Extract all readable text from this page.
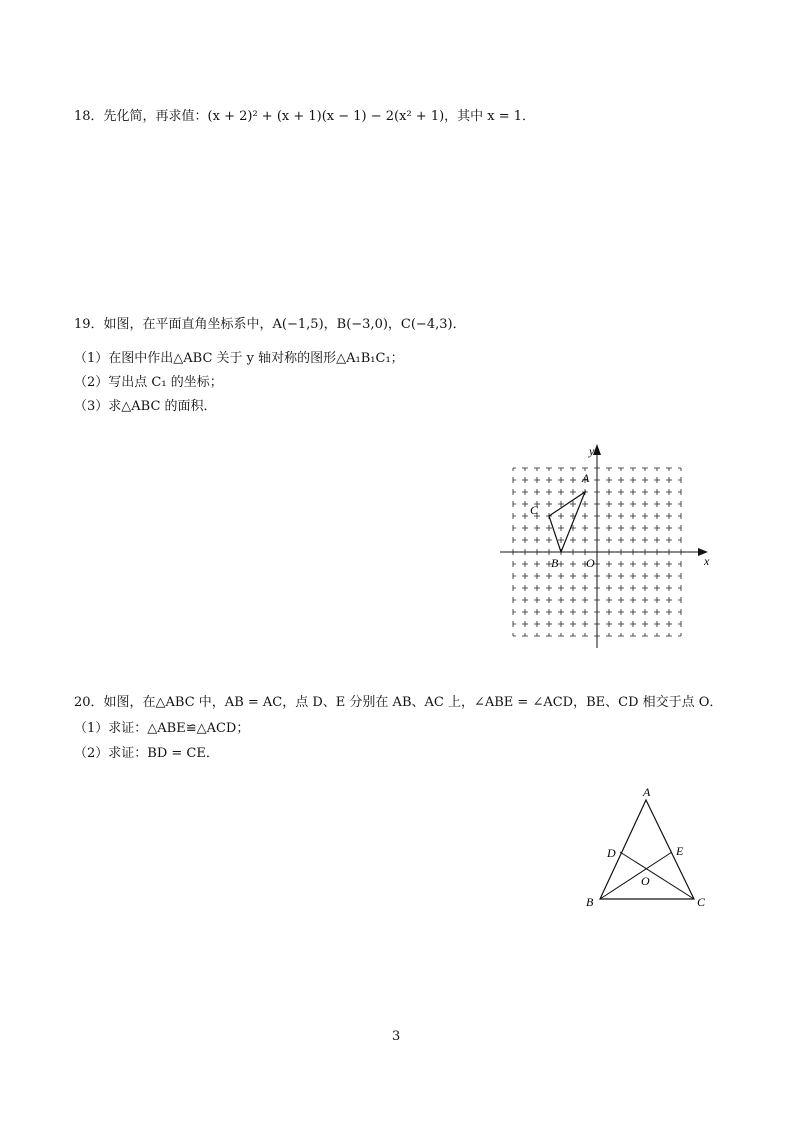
18．先化简，再求值：(x + 2)² + (x + 1)(x − 1) − 2(x² + 1)，其中 x = 1．
19．如图，在平面直角坐标系中，A(−1,5)，B(−3,0)，C(−4,3)．
（1）在图中作出△ABC 关于 y 轴对称的图形△A₁B₁C₁；
（2）写出点 C₁ 的坐标；
（3）求△ABC 的面积．
x
y
O
A
B
C
20．如图，在△ABC 中，AB = AC，点 D、E 分别在 AB、AC 上，∠ABE = ∠ACD，BE、CD 相交于点 O．
（1）求证：△ABE≌△ACD；
（2）求证：BD = CE．
A
B	C
D	E
O
3
